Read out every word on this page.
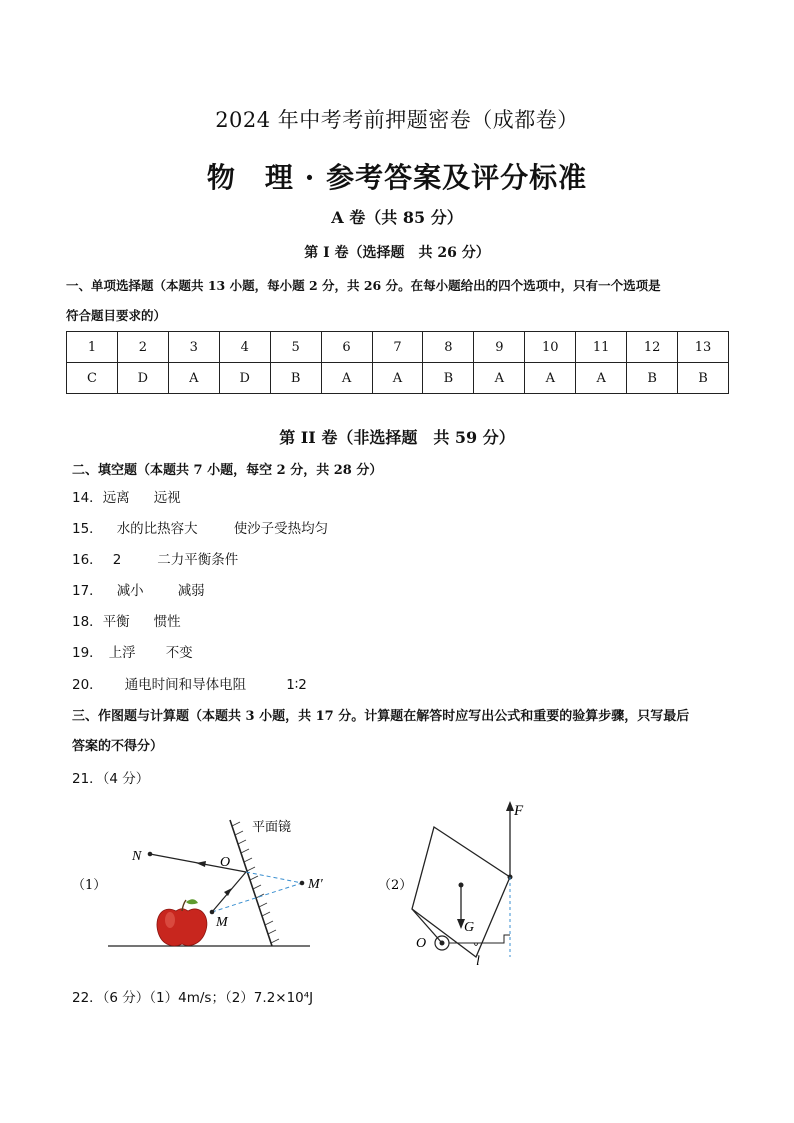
2024 年中考考前押题密卷（成都卷）
物　理 · 参考答案及评分标准
A 卷（共 85 分）
第 I 卷（选择题　共 26 分）
一、单项选择题（本题共 13 小题，每小题 2 分，共 26 分。在每小题给出的四个选项中，只有一个选项是
符合题目要求的）
1	2	3	4	5	6	7	8	9	10	11	12	13
C	D	A	D	B	A	A	B	A	A	A	B	B
第 II 卷（非选择题　共 59 分）
二、填空题（本题共 7 小题，每空 2 分，共 28 分）
14．远离 远视
15． 水的比热容大	使沙子受热均匀
16． 2	二力平衡条件
17． 减小	减弱
18．平衡 惯性
19． 上浮 不变
20． 通电时间和导体电阻	1∶2
三、作图题与计算题（本题共 3 小题，共 17 分。计算题在解答时应写出公式和重要的验算步骤，只写最后
答案的不得分）
21．（4 分）
（1）
平面镜
N	O
M
M′	（2）
F
G
O
l
22．（6 分）（1）4m/s；（2）7.2×10⁴J
